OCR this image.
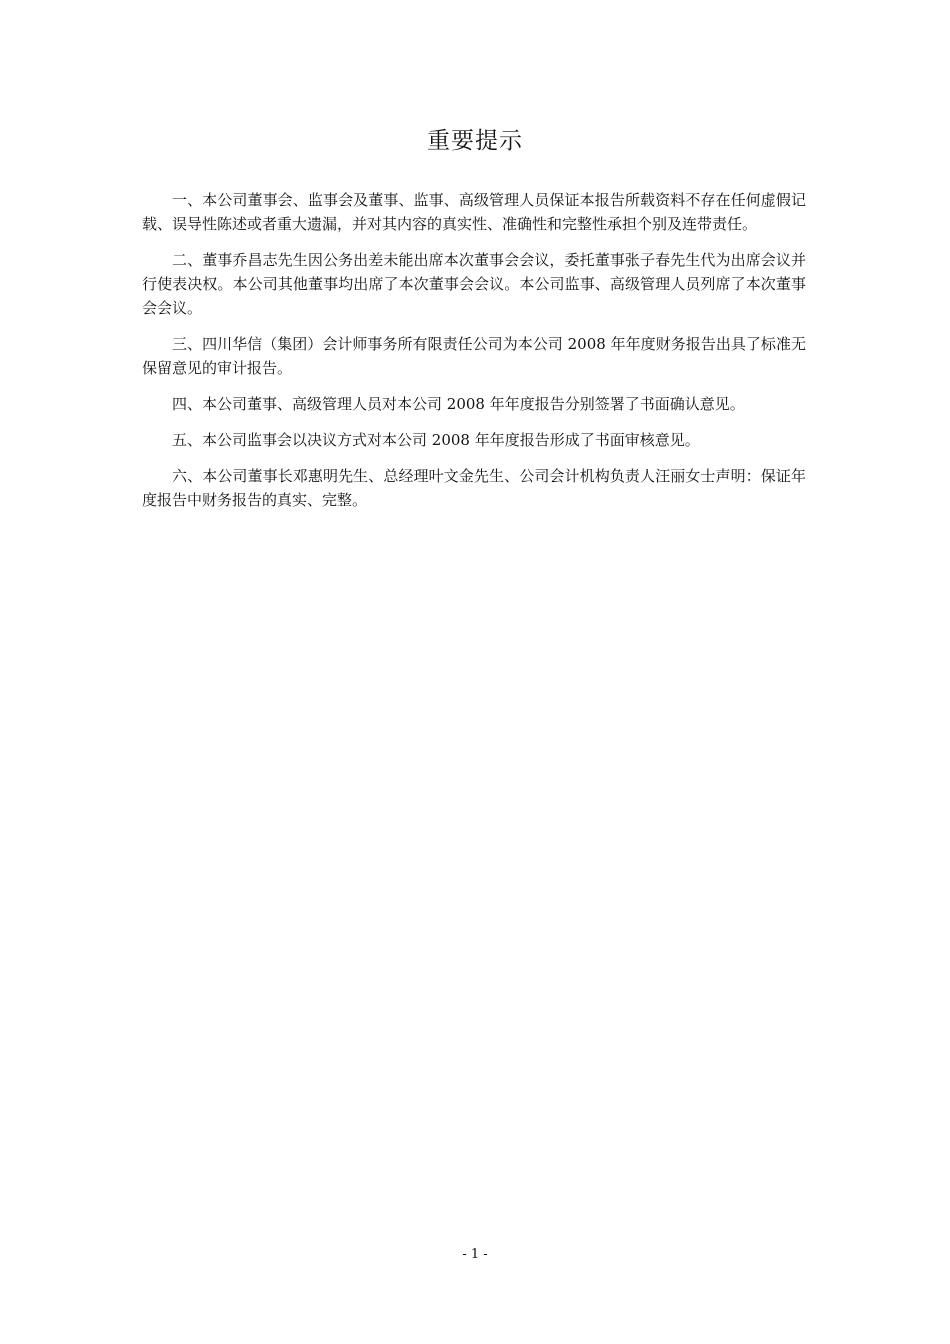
重要提示

一、本公司董事会、监事会及董事、监事、高级管理人员保证本报告所载资料不存在任何虚假记载、误导性陈述或者重大遗漏，并对其内容的真实性、准确性和完整性承担个别及连带责任。

二、董事乔昌志先生因公务出差未能出席本次董事会会议，委托董事张子春先生代为出席会议并行使表决权。本公司其他董事均出席了本次董事会会议。本公司监事、高级管理人员列席了本次董事会会议。

三、四川华信（集团）会计师事务所有限责任公司为本公司 2008 年年度财务报告出具了标准无保留意见的审计报告。

四、本公司董事、高级管理人员对本公司 2008 年年度报告分别签署了书面确认意见。

五、本公司监事会以决议方式对本公司 2008 年年度报告形成了书面审核意见。

六、本公司董事长邓惠明先生、总经理叶文金先生、公司会计机构负责人汪丽女士声明：保证年度报告中财务报告的真实、完整。

- 1 -
